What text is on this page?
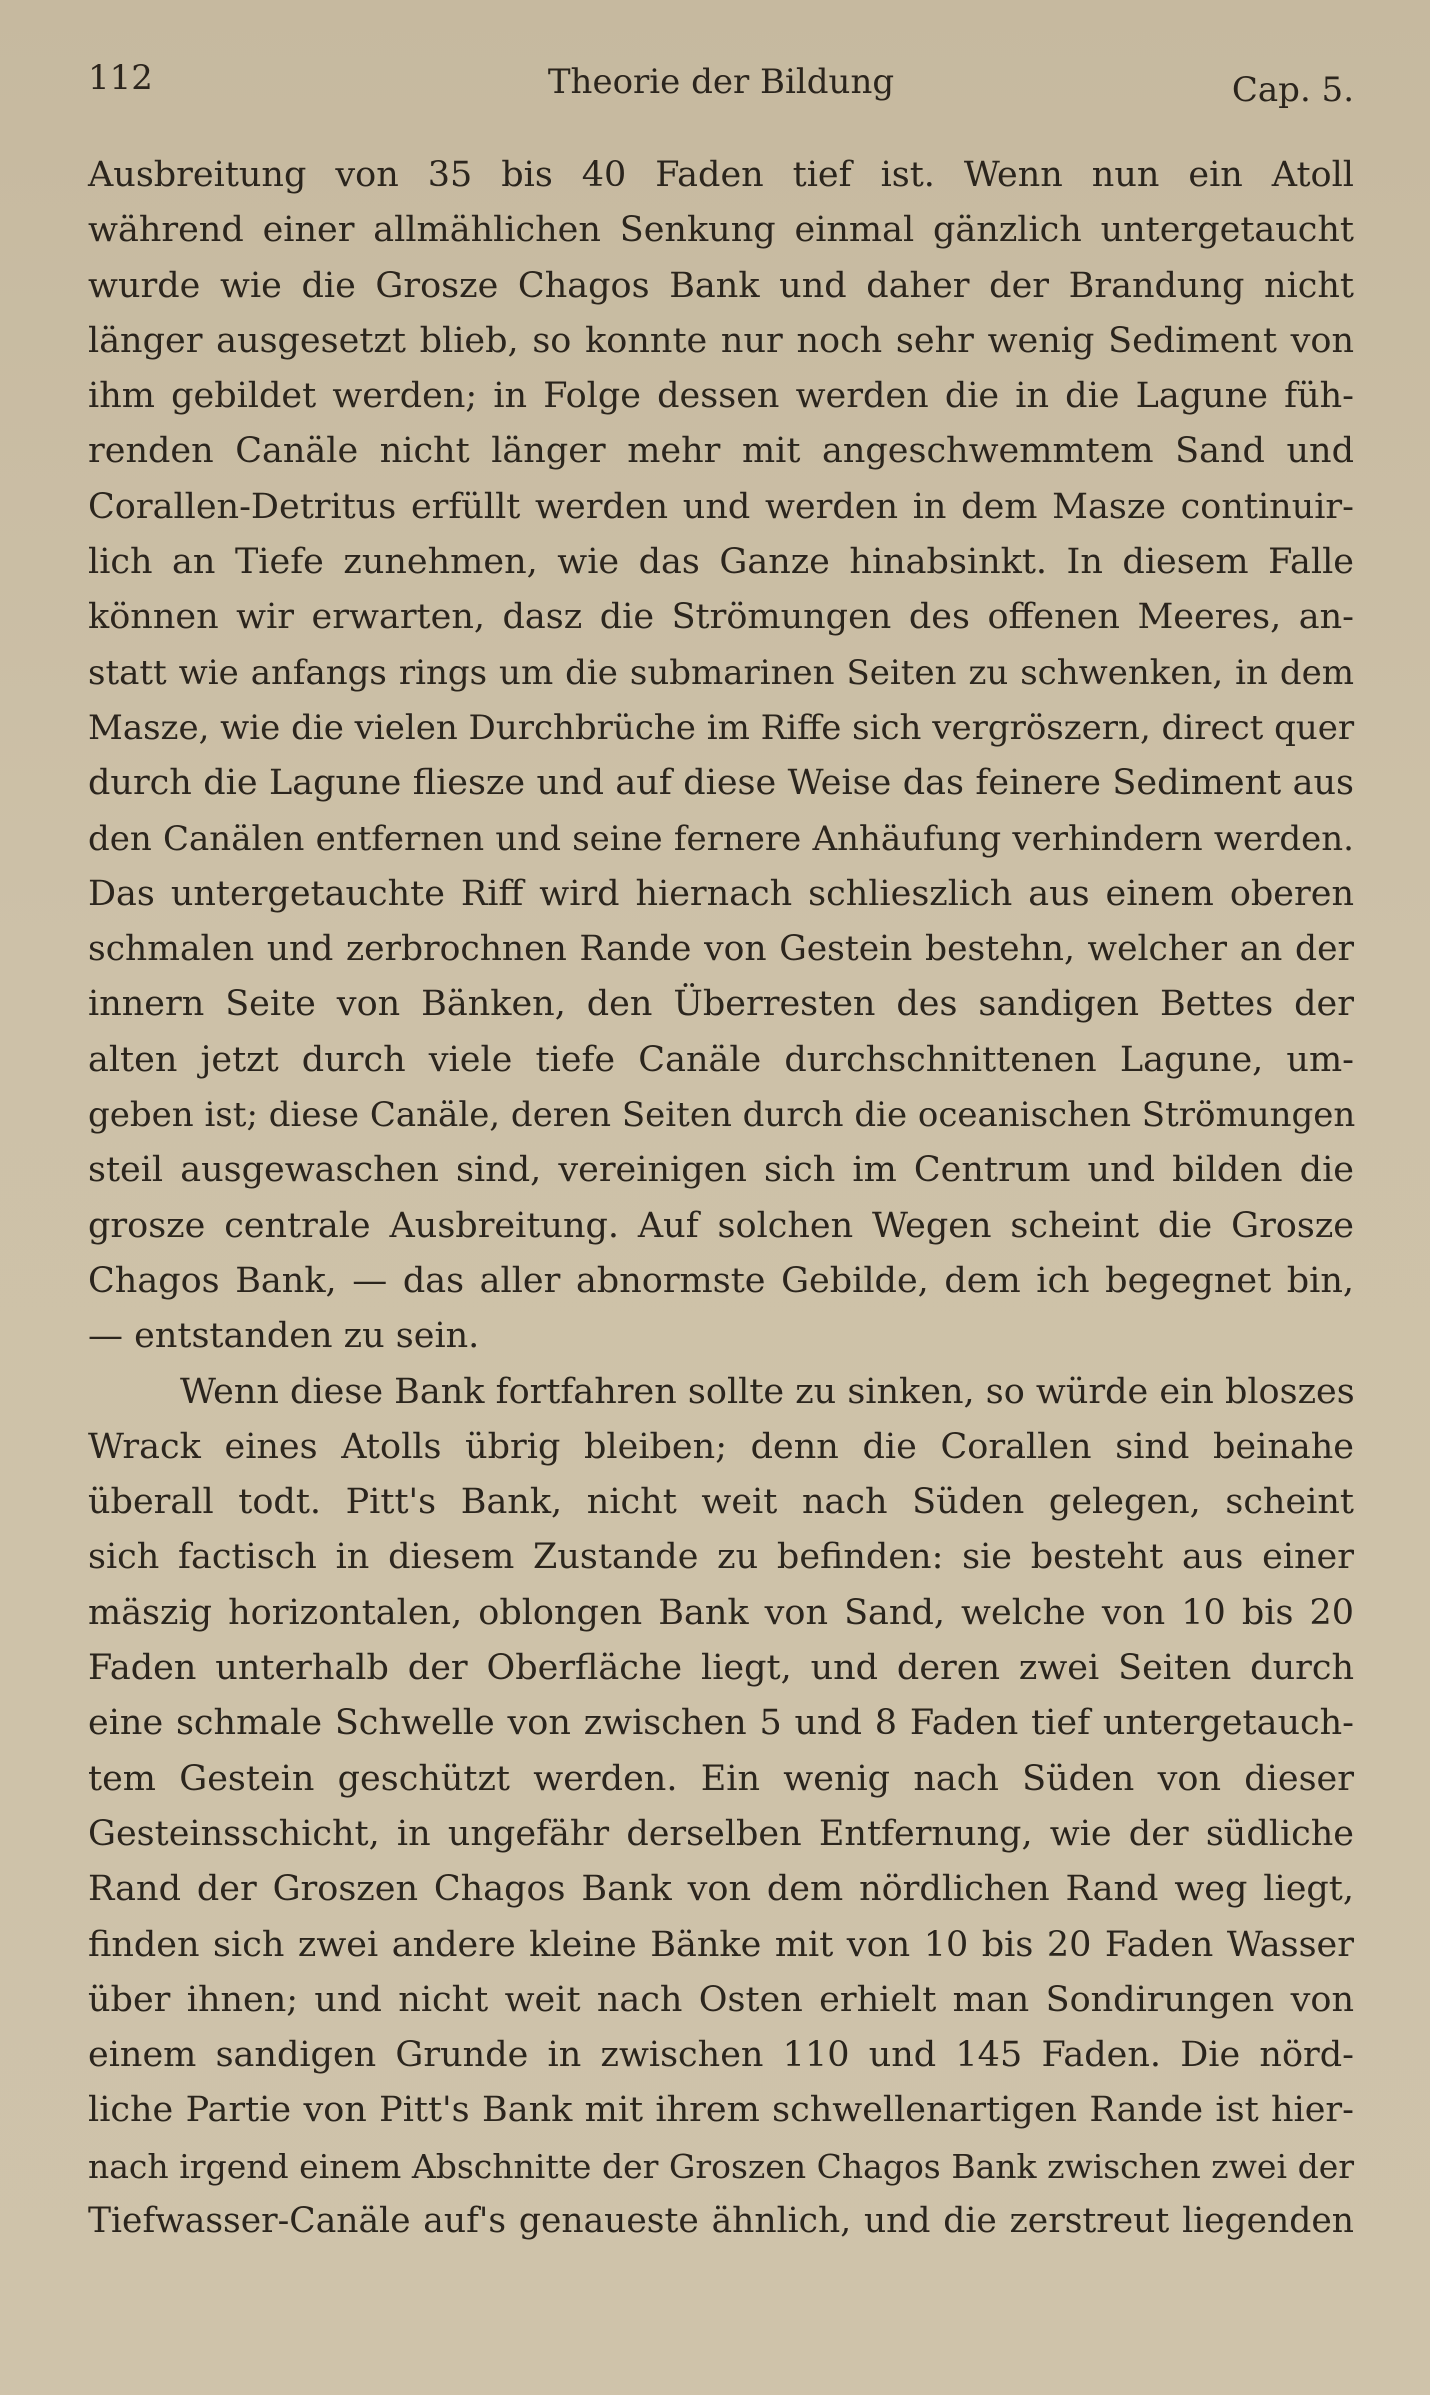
112	Theorie der Bildung	Cap. 5.
Ausbreitung von 35 bis 40 Faden tief ist. Wenn nun ein Atoll
während einer allmählichen Senkung einmal gänzlich untergetaucht
wurde wie die Grosze Chagos Bank und daher der Brandung nicht
länger ausgesetzt blieb, so konnte nur noch sehr wenig Sediment von
ihm gebildet werden; in Folge dessen werden die in die Lagune füh-
renden Canäle nicht länger mehr mit angeschwemmtem Sand und
Corallen-Detritus erfüllt werden und werden in dem Masze continuir-
lich an Tiefe zunehmen, wie das Ganze hinabsinkt. In diesem Falle
können wir erwarten, dasz die Strömungen des offenen Meeres, an-
statt wie anfangs rings um die submarinen Seiten zu schwenken, in dem
Masze, wie die vielen Durchbrüche im Riffe sich vergröszern, direct quer
durch die Lagune fliesze und auf diese Weise das feinere Sediment aus
den Canälen entfernen und seine fernere Anhäufung verhindern werden.
Das untergetauchte Riff wird hiernach schlieszlich aus einem oberen
schmalen und zerbrochnen Rande von Gestein bestehn, welcher an der
innern Seite von Bänken, den Überresten des sandigen Bettes der
alten jetzt durch viele tiefe Canäle durchschnittenen Lagune, um-
geben ist; diese Canäle, deren Seiten durch die oceanischen Strömungen
steil ausgewaschen sind, vereinigen sich im Centrum und bilden die
grosze centrale Ausbreitung. Auf solchen Wegen scheint die Grosze
Chagos Bank, — das aller abnormste Gebilde, dem ich begegnet bin,
— entstanden zu sein.
Wenn diese Bank fortfahren sollte zu sinken, so würde ein bloszes
Wrack eines Atolls übrig bleiben; denn die Corallen sind beinahe
überall todt. Pitt's Bank, nicht weit nach Süden gelegen, scheint
sich factisch in diesem Zustande zu befinden: sie besteht aus einer
mäszig horizontalen, oblongen Bank von Sand, welche von 10 bis 20
Faden unterhalb der Oberfläche liegt, und deren zwei Seiten durch
eine schmale Schwelle von zwischen 5 und 8 Faden tief untergetauch-
tem Gestein geschützt werden. Ein wenig nach Süden von dieser
Gesteinsschicht, in ungefähr derselben Entfernung, wie der südliche
Rand der Groszen Chagos Bank von dem nördlichen Rand weg liegt,
finden sich zwei andere kleine Bänke mit von 10 bis 20 Faden Wasser
über ihnen; und nicht weit nach Osten erhielt man Sondirungen von
einem sandigen Grunde in zwischen 110 und 145 Faden. Die nörd-
liche Partie von Pitt's Bank mit ihrem schwellenartigen Rande ist hier-
nach irgend einem Abschnitte der Groszen Chagos Bank zwischen zwei der
Tiefwasser-Canäle auf's genaueste ähnlich, und die zerstreut liegenden
